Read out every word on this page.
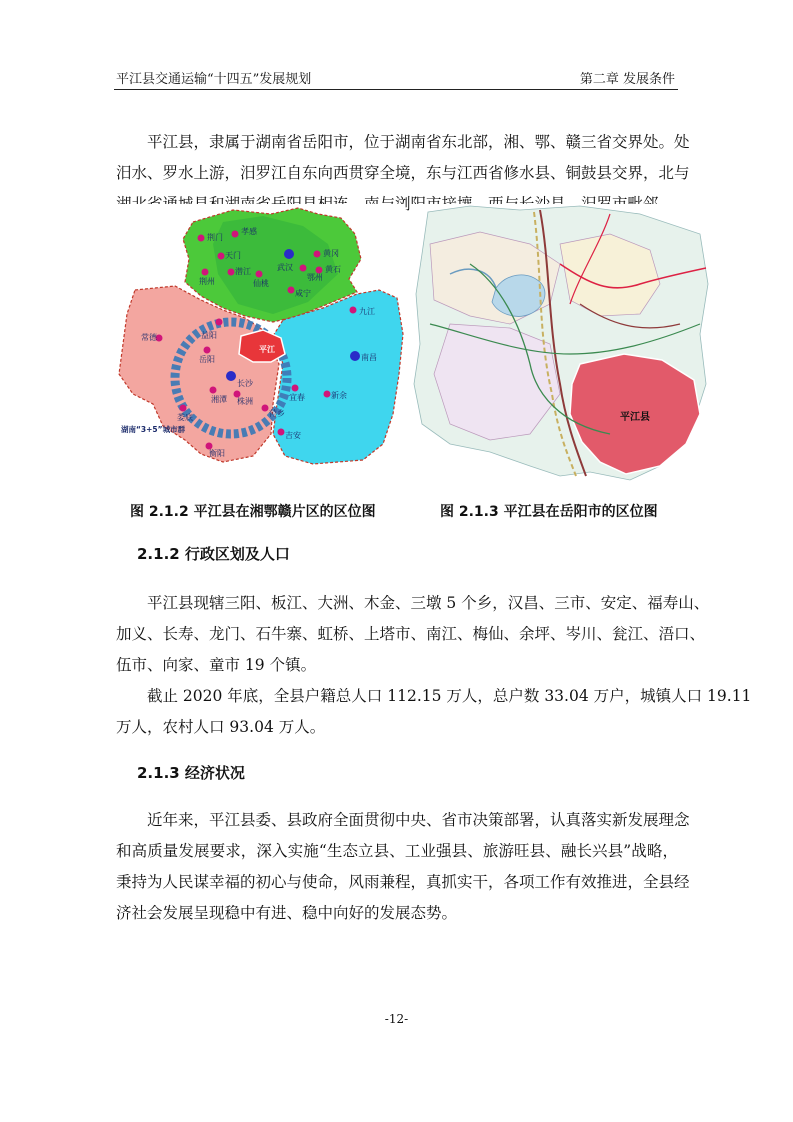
平江县交通运输“十四五”发展规划	第二章 发展条件
平江县，隶属于湖南省岳阳市，位于湖南省东北部，湘、鄂、赣三省交界处。处
汨水、罗水上游，汨罗江自东向西贯穿全境，东与江西省修水县、铜鼓县交界，北与
平江
荆门
孝感
天门
武汉
黄冈
鄂州
黄石
荆州
潜江
仙桃
咸宁
九江
常德	益阳
岳阳
长沙
南昌
湘潭 株洲	宜春	新余
娄底	萍乡
衡阳
吉安
湖南“3+5”城市群
平江县
图 2.1.2 平江县在湘鄂赣片区的区位图	图 2.1.3 平江县在岳阳市的区位图
2.1.2 行政区划及人口
平江县现辖三阳、板江、大洲、木金、三墩 5 个乡，汉昌、三市、安定、福寿山、
加义、长寿、龙门、石牛寨、虹桥、上塔市、南江、梅仙、余坪、岑川、瓮江、浯口、
伍市、向家、童市 19 个镇。
截止 2020 年底，全县户籍总人口 112.15 万人，总户数 33.04 万户，城镇人口 19.11
万人，农村人口 93.04 万人。
2.1.3 经济状况
近年来，平江县委、县政府全面贯彻中央、省市决策部署，认真落实新发展理念
和高质量发展要求，深入实施“生态立县、工业强县、旅游旺县、融长兴县”战略，
秉持为人民谋幸福的初心与使命，风雨兼程，真抓实干，各项工作有效推进，全县经
济社会发展呈现稳中有进、稳中向好的发展态势。
-12-
